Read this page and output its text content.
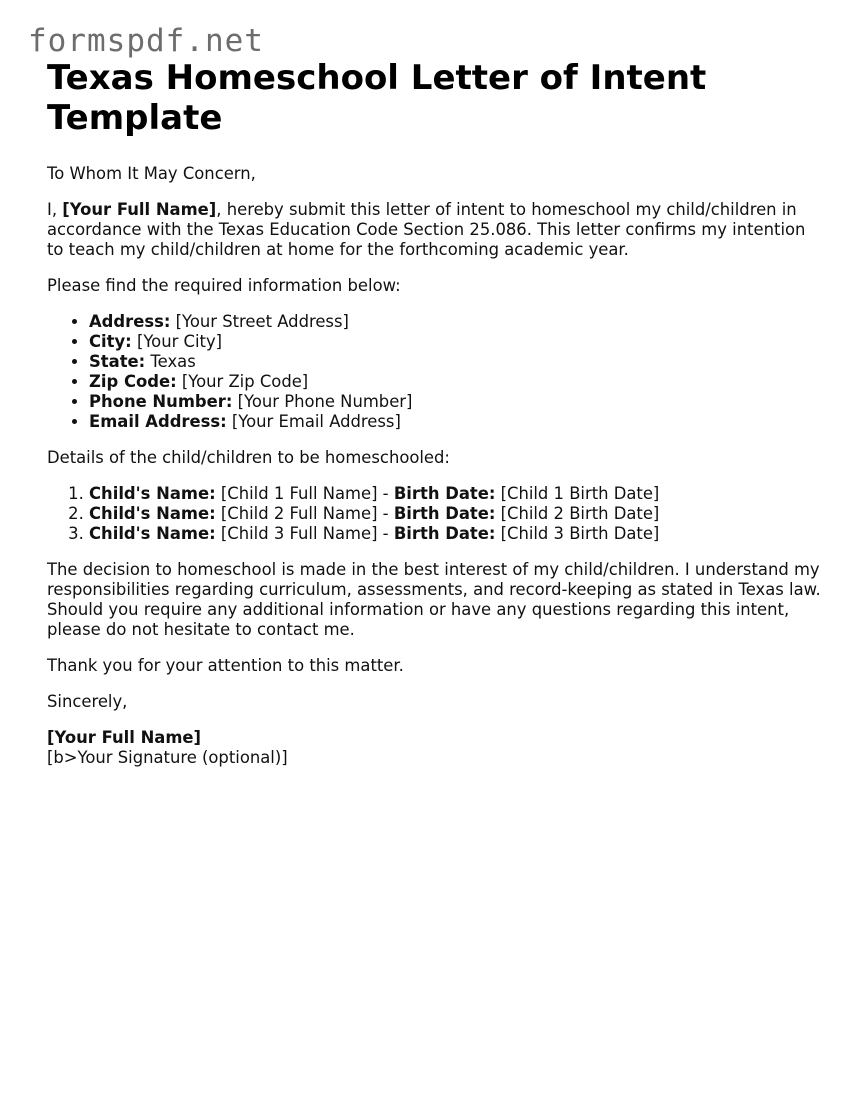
formspdf.net
Texas Homeschool Letter of Intent Template

To Whom It May Concern,

I, [Your Full Name], hereby submit this letter of intent to homeschool my child/children in accordance with the Texas Education Code Section 25.086. This letter confirms my intention to teach my child/children at home for the forthcoming academic year.

Please find the required information below:

• Address: [Your Street Address]
• City: [Your City]
• State: Texas
• Zip Code: [Your Zip Code]
• Phone Number: [Your Phone Number]
• Email Address: [Your Email Address]

Details of the child/children to be homeschooled:

1. Child's Name: [Child 1 Full Name] - Birth Date: [Child 1 Birth Date]
2. Child's Name: [Child 2 Full Name] - Birth Date: [Child 2 Birth Date]
3. Child's Name: [Child 3 Full Name] - Birth Date: [Child 3 Birth Date]

The decision to homeschool is made in the best interest of my child/children. I understand my responsibilities regarding curriculum, assessments, and record-keeping as stated in Texas law. Should you require any additional information or have any questions regarding this intent, please do not hesitate to contact me.

Thank you for your attention to this matter.

Sincerely,

[Your Full Name]

[b>Your Signature (optional)]
